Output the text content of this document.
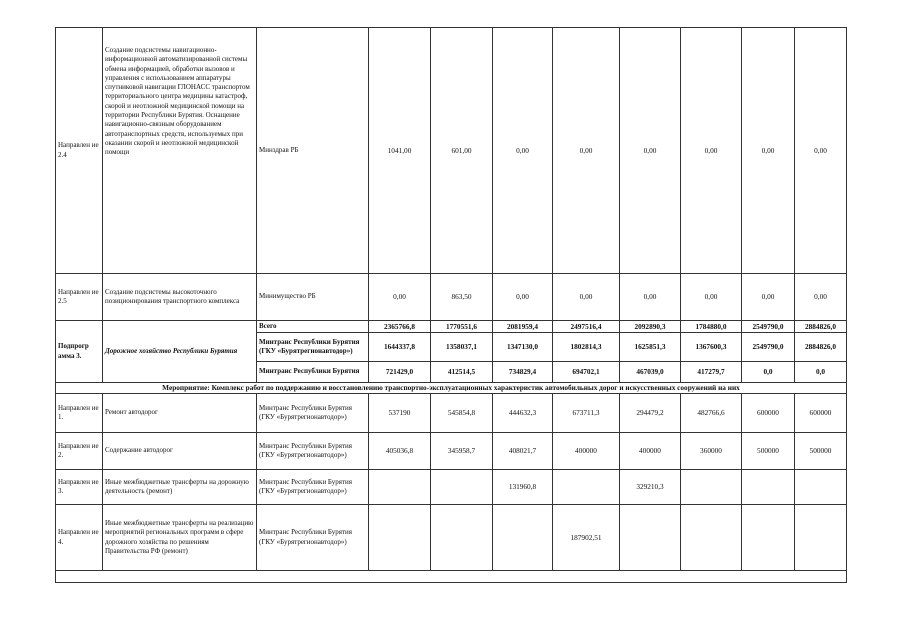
Направлен ие 2.4	Создание подсистемы навигационно-информационной автоматизированной системы обмена информацией, обработки вызовов и управления с использованием аппаратуры спутниковой навигации ГЛОНАСС транспортом территориального центра медицины катастроф, скорой и неотложной медицинской помощи на территории Республики Бурятия. Оснащение навигационно-связным оборудованием автотранспортных средств, используемых при оказании скорой и неотложной медицинской помощи	Минздрав РБ	1041,00	601,00	0,00	0,00	0,00	0,00	0,00	0,00
Направлен ие 2.5	Создание подсистемы высокоточного позиционирования транспортного комплекса	Минимущество РБ	0,00	863,50	0,00	0,00	0,00	0,00	0,00	0,00
Подпрогр амма 3.	Дорожное хозяйство Республики Бурятия	Всего	2365766,8	1770551,6	2081959,4	2497516,4	2092890,3	1784880,0	2549790,0	2884826,0
		Минтранс Республики Бурятия (ГКУ «Бурятрегионавтодор»)	1644337,8	1358037,1	1347130,0	1802814,3	1625851,3	1367600,3	2549790,0	2884826,0
		Минтранс Республики Бурятия	721429,0	412514,5	734829,4	694702,1	467039,0	417279,7	0,0	0,0
Мероприятие: Комплекс работ по поддержанию и восстановлению транспортно-эксплуатационных характеристик автомобильных дорог и искусственных сооружений на них										
Направлен ие 1.	Ремонт автодорог	Минтранс Республики Бурятия (ГКУ «Бурятрегионавтодор»)	537190	545854,8	444632,3	673711,3	294479,2	482766,6	600000	600000
Направлен ие 2.	Содержание автодорог	Минтранс Республики Бурятия (ГКУ «Бурятрегионавтодор»)	405036,8	345958,7	408021,7	400000	400000	360000	500000	500000
Направлен ие 3.	Иные межбюджетные трансферты на дорожную деятельность (ремонт)	Минтранс Республики Бурятия (ГКУ «Бурятрегионавтодор»)			131960,8		329210,3			
Направлен ие 4.	Иные межбюджетные трансферты на реализацию мероприятий региональных программ в сфере дорожного хозяйства по решениям Правительства РФ (ремонт)	Минтранс Республики Бурятия (ГКУ «Бурятрегионавтодор»)				187902,51				
